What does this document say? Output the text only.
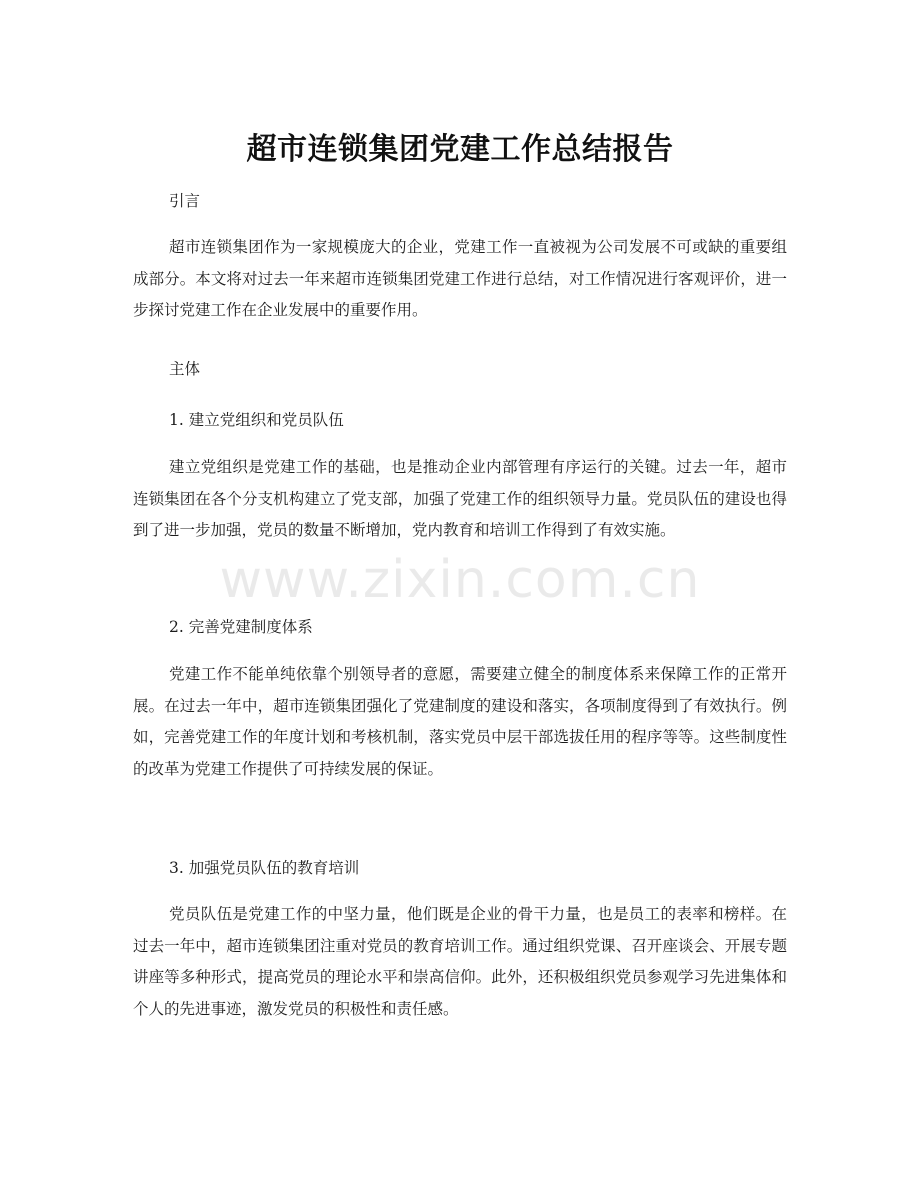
超市连锁集团党建工作总结报告

引言

超市连锁集团作为一家规模庞大的企业，党建工作一直被视为公司发展不可或缺的重要组成部分。本文将对过去一年来超市连锁集团党建工作进行总结，对工作情况进行客观评价，进一步探讨党建工作在企业发展中的重要作用。

主体

1. 建立党组织和党员队伍

建立党组织是党建工作的基础，也是推动企业内部管理有序运行的关键。过去一年，超市连锁集团在各个分支机构建立了党支部，加强了党建工作的组织领导力量。党员队伍的建设也得到了进一步加强，党员的数量不断增加，党内教育和培训工作得到了有效实施。

2. 完善党建制度体系

党建工作不能单纯依靠个别领导者的意愿，需要建立健全的制度体系来保障工作的正常开展。在过去一年中，超市连锁集团强化了党建制度的建设和落实，各项制度得到了有效执行。例如，完善党建工作的年度计划和考核机制，落实党员中层干部选拔任用的程序等等。这些制度性的改革为党建工作提供了可持续发展的保证。

3. 加强党员队伍的教育培训

党员队伍是党建工作的中坚力量，他们既是企业的骨干力量，也是员工的表率和榜样。在过去一年中，超市连锁集团注重对党员的教育培训工作。通过组织党课、召开座谈会、开展专题讲座等多种形式，提高党员的理论水平和崇高信仰。此外，还积极组织党员参观学习先进集体和个人的先进事迹，激发党员的积极性和责任感。

www.zixin.com.cn
